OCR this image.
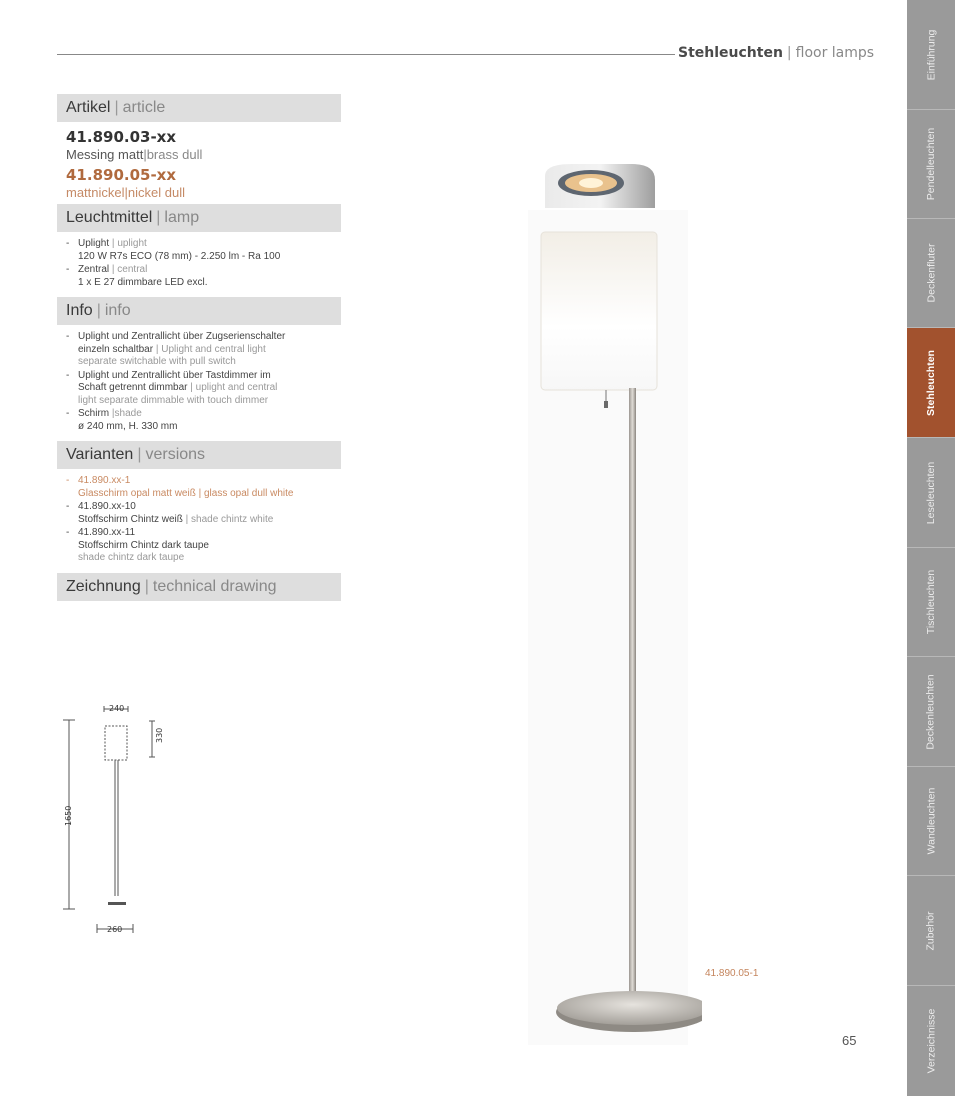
Stehleuchten | floor lamps
Artikel | article
41.890.03-xx
Messing matt|brass dull
41.890.05-xx
mattnickel|nickel dull
Leuchtmittel | lamp
- Uplight | uplight
120 W R7s ECO (78 mm) - 2.250 lm - Ra 100
- Zentral | central
1 x E 27 dimmbare LED excl.
Info | info
- Uplight und Zentrallicht über Zugserienschalter
einzeln schaltbar | Uplight and central light
separate switchable with pull switch
- Uplight und Zentrallicht über Tastdimmer im
Schaft getrennt dimmbar | uplight and central
light separate dimmable with touch dimmer
- Schirm |shade
ø 240 mm, H. 330 mm
Varianten | versions
- 41.890.xx-1
Glasschirm opal matt weiß | glass opal dull white
- 41.890.xx-10
Stoffschirm Chintz weiß | shade chintz white
- 41.890.xx-11
Stoffschirm Chintz dark taupe
shade chintz dark taupe
Zeichnung | technical drawing
240
330
1650
260
41.890.05-1
65
Einführung
Pendelleuchten
Deckenfluter
Stehleuchten
Leseleuchten
Tischleuchten
Deckenleuchten
Wandleuchten
Zubehör
Verzeichnisse
